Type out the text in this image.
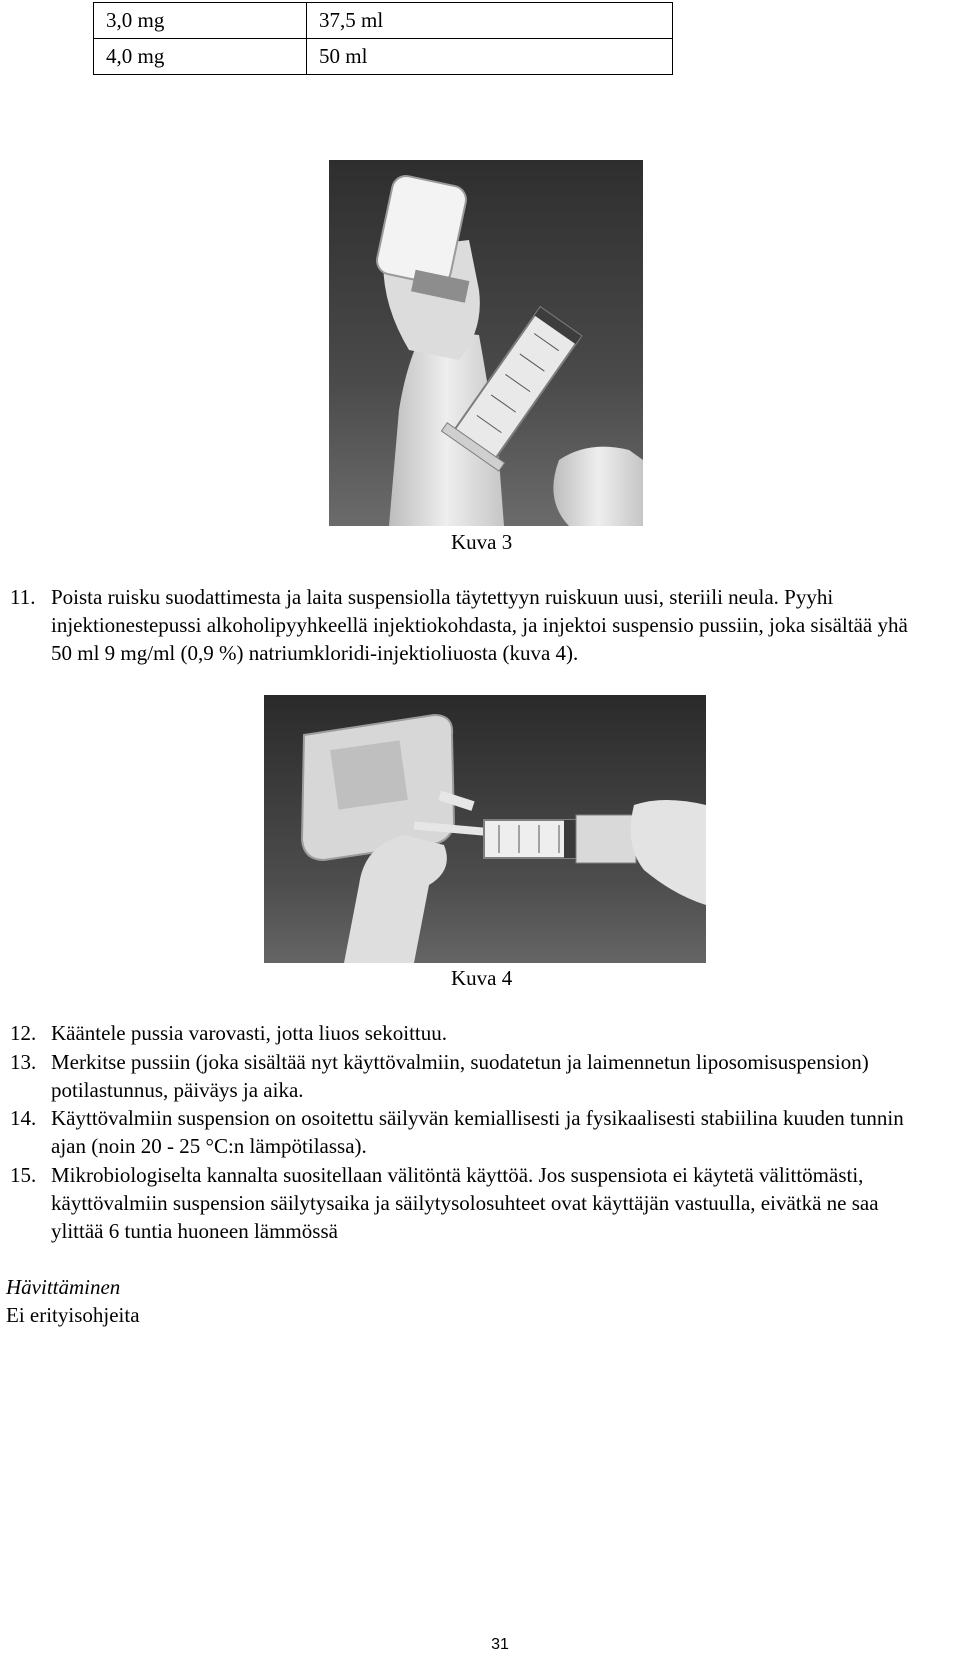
3,0 mg	37,5 ml
4,0 mg	50 ml
Kuva 3
11. Poista ruisku suodattimesta ja laita suspensiolla täytettyyn ruiskuun uusi, steriili neula. Pyyhi injektionestepussi alkoholipyyhkeellä injektiokohdasta, ja injektoi suspensio pussiin, joka sisältää yhä 50 ml 9 mg/ml (0,9 %) natriumkloridi-injektioliuosta (kuva 4).
Kuva 4
12. Kääntele pussia varovasti, jotta liuos sekoittuu.
13. Merkitse pussiin (joka sisältää nyt käyttövalmiin, suodatetun ja laimennetun liposomisuspension) potilastunnus, päiväys ja aika.
14. Käyttövalmiin suspension on osoitettu säilyvän kemiallisesti ja fysikaalisesti stabiilina kuuden tunnin ajan (noin 20 - 25 °C:n lämpötilassa).
15. Mikrobiologiselta kannalta suositellaan välitöntä käyttöä. Jos suspensiota ei käytetä välittömästi, käyttövalmiin suspension säilytysaika ja säilytysolosuhteet ovat käyttäjän vastuulla, eivätkä ne saa ylittää 6 tuntia huoneen lämmössä
Hävittäminen
Ei erityisohjeita
31
